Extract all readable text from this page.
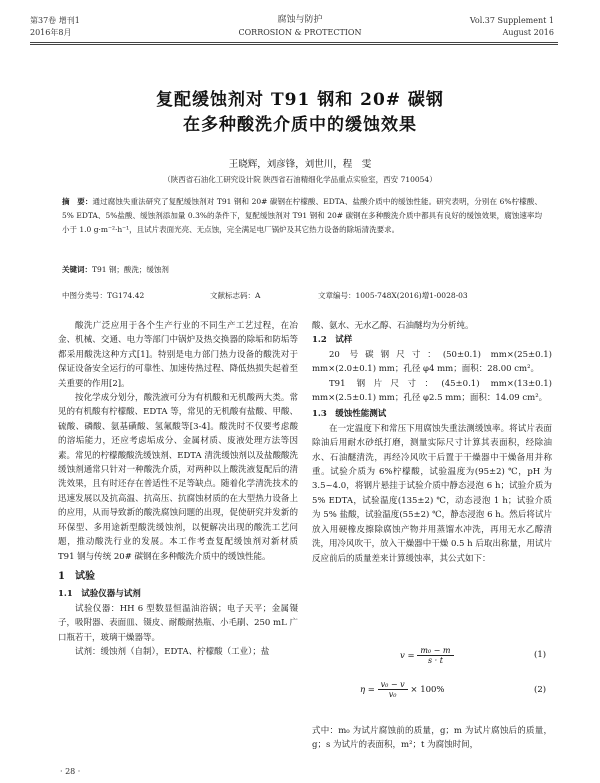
第37卷 增刊1
2016年8月
腐蚀与防护
CORROSION & PROTECTION
Vol.37 Supplement 1
August 2016
复配缓蚀剂对 T91 钢和 20# 碳钢
在多种酸洗介质中的缓蚀效果
王晓辉，刘彦锋，刘世川，程　雯
（陕西省石油化工研究设计院 陕西省石油精细化学品重点实验室，西安 710054）
摘　要：通过腐蚀失重法研究了复配缓蚀剂对 T91 钢和 20# 碳钢在柠檬酸、EDTA、盐酸介质中的缓蚀性能。研究表明，分别在 6%柠檬酸、5% EDTA、5%盐酸、缓蚀剂添加量 0.3%的条件下，复配缓蚀剂对 T91 钢和 20# 碳钢在多种酸洗介质中都具有良好的缓蚀效果，腐蚀速率均小于 1.0 g·m⁻²·h⁻¹，且试片表面光亮、无点蚀，完全满足电厂锅炉及其它热力设备的除垢清洗要求。
关键词：T91 钢；酸洗；缓蚀剂
中图分类号：TG174.42	文献标志码：A	文章编号：1005-748X(2016)增1-0028-03

酸洗广泛应用于各个生产行业的不同生产工艺过程，在冶金、机械、交通、电力等部门中锅炉及热交换器的除垢和防垢等都采用酸洗这种方式[1]。特别是电力部门热力设备的酸洗对于保证设备安全运行的可靠性、加速传热过程、降低热损失起着至关重要的作用[2]。

按化学成分划分，酸洗液可分为有机酸和无机酸两大类。常见的有机酸有柠檬酸、EDTA 等，常见的无机酸有盐酸、甲酸、硫酸、磷酸、氨基磺酸、氢氟酸等[3-4]。酸洗时不仅要考虑酸的溶垢能力，还应考虑垢成分、金属材质、废液处理方法等因素。常见的柠檬酸酸洗缓蚀剂、EDTA 清洗缓蚀剂以及盐酸酸洗缓蚀剂通常只针对一种酸洗介质，对两种以上酸洗液复配后的清洗效果，且有时还存在普适性不足等缺点。随着化学清洗技术的迅速发展以及抗高温、抗高压、抗腐蚀材质的在大型热力设备上的应用，从而导致新的酸洗腐蚀问题的出现，促使研究并发新的环保型、多用途新型酸洗缓蚀剂，以便解决出现的酸洗工艺问题，推动酸洗行业的发展。本工作考查复配缓蚀剂对新材质 T91 钢与传统 20# 碳钢在多种酸洗介质中的缓蚀性能。

1　试验
1.1　试验仪器与试剂

试验仪器：HH 6 型数显恒温油浴锅；电子天平；金属镊子，吸附器、表面皿、镊皮、耐酸耐热瓶、小毛刷、250 mL 广口瓶若干，玻璃干燥器等。

试剂：缓蚀剂（自制），EDTA、柠檬酸（工业）；盐

· 28 ·

酸、氨水、无水乙醇、石油醚均为分析纯。

1.2　试样

20 号碳钢尺寸：(50±0.1) mm×(25±0.1) mm×(2.0±0.1) mm；孔径 φ4 mm；面积：28.00 cm²。

T91 钢片尺寸：(45±0.1) mm×(13±0.1) mm×(2.5±0.1) mm；孔径 φ2.5 mm；面积：14.09 cm²。

1.3　缓蚀性能测试

在一定温度下和常压下用腐蚀失重法测缓蚀率。将试片表面除油后用耐水砂纸打磨，测量实际尺寸计算其表面积，经除油水、石油醚清洗，再经冷风吹干后置于干燥器中干燥备用并称重。试验介质为 6%柠檬酸，试验温度为(95±2) ℃，pH 为 3.5~4.0，将钢片悬挂于试验介质中静态浸泡 6 h；试验介质为 5% EDTA，试验温度(135±2) ℃，动态浸泡 1 h；试验介质为 5% 盐酸，试验温度(55±2) ℃，静态浸泡 6 h。然后将试片放入用硬橡皮擦除腐蚀产物并用蒸馏水冲洗，再用无水乙醇清洗，用冷风吹干，放入干燥器中干燥 0.5 h 后取出称量，用试片反应前后的质量差来计算缓蚀率，其公式如下：

$v = \frac{\text{m₀ − m}}{s \cdot t}$	(1)
$\eta = \frac{\text{v₀ − v}}{\text{v₀}} \times 100\%$	(2)

式中：m₀ 为试片腐蚀前的质量，g；m 为试片腐蚀后的质量，g；s 为试片的表面积，m²；t 为腐蚀时间，
